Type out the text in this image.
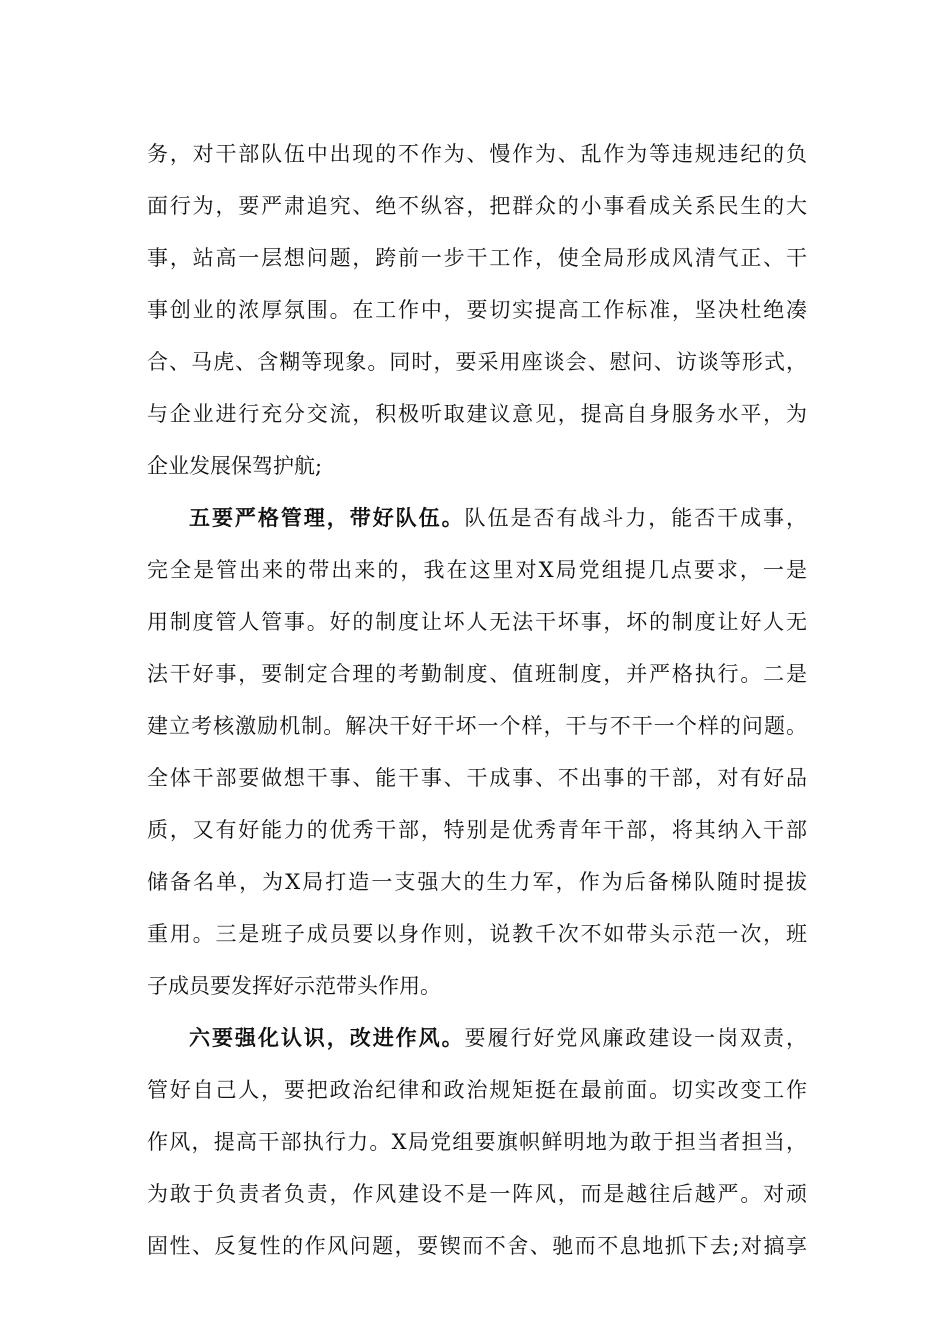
务，对干部队伍中出现的不作为、慢作为、乱作为等违规违纪的负
面行为，要严肃追究、绝不纵容，把群众的小事看成关系民生的大
事，站高一层想问题，跨前一步干工作，使全局形成风清气正、干
事创业的浓厚氛围。在工作中，要切实提高工作标准，坚决杜绝凑
合、马虎、含糊等现象。同时，要采用座谈会、慰问、访谈等形式，
与企业进行充分交流，积极听取建议意见，提高自身服务水平，为
企业发展保驾护航;
五要严格管理，带好队伍。队伍是否有战斗力，能否干成事，
完全是管出来的带出来的，我在这里对X局党组提几点要求，一是
用制度管人管事。好的制度让坏人无法干坏事，坏的制度让好人无
法干好事，要制定合理的考勤制度、值班制度，并严格执行。二是
建立考核激励机制。解决干好干坏一个样，干与不干一个样的问题。
全体干部要做想干事、能干事、干成事、不出事的干部，对有好品
质，又有好能力的优秀干部，特别是优秀青年干部，将其纳入干部
储备名单，为X局打造一支强大的生力军，作为后备梯队随时提拔
重用。三是班子成员要以身作则，说教千次不如带头示范一次，班
子成员要发挥好示范带头作用。
六要强化认识，改进作风。要履行好党风廉政建设一岗双责，
管好自己人，要把政治纪律和政治规矩挺在最前面。切实改变工作
作风，提高干部执行力。X局党组要旗帜鲜明地为敢于担当者担当，
为敢于负责者负责，作风建设不是一阵风，而是越往后越严。对顽
固性、反复性的作风问题，要锲而不舍、驰而不息地抓下去;对搞享
